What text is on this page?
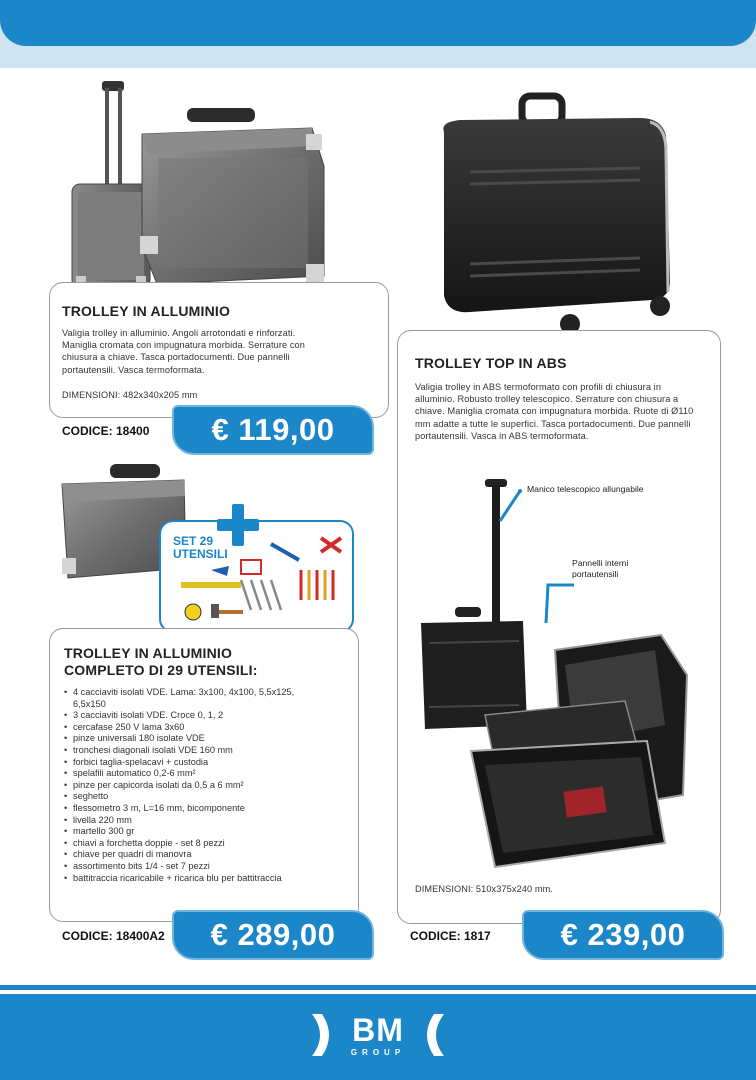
TROLLEY IN ALLUMINIO
Valigia trolley in alluminio. Angoli arrotondati e rinforzati. Maniglia cromata con impugnatura morbida. Serrature con chiusura a chiave. Tasca portadocumenti. Due pannelli portautensili. Vasca termoformata.
DIMENSIONI: 482x340x205 mm
CODICE: 18400	€ 119,00
SET 29
UTENSILI
TROLLEY IN ALLUMINIO
COMPLETO DI 29 UTENSILI:
• 4 cacciaviti isolati VDE. Lama: 3x100, 4x100, 5,5x125, 6,5x150
• 3 cacciaviti isolati VDE. Croce 0, 1, 2
• cercafase 250 V lama 3x60
• pinze universali 180 isolate VDE
• tronchesi diagonali isolati VDE 160 mm
• forbici taglia-spelacavi + custodia
• spelafili automatico 0,2-6 mm²
• pinze per capicorda isolati da 0,5 a 6 mm²
• seghetto
• flessometro 3 m, L=16 mm, bicomponente
• livella 220 mm
• martello 300 gr
• chiavi a forchetta doppie - set 8 pezzi
• chiave per quadri di manovra
• assortimento bits 1/4 - set 7 pezzi
• battitraccia ricaricabile + ricarica blu per battitraccia
CODICE: 18400A2	€ 289,00
TROLLEY TOP IN ABS
Valigia trolley in ABS termoformato con profili di chiusura in alluminio. Robusto trolley telescopico. Serrature con chiusura a chiave. Maniglia cromata con impugnatura morbida. Ruote di Ø110 mm adatte a tutte le superfici. Tasca portadocumenti. Due pannelli portautensili. Vasca in ABS termoformata.
DIMENSIONI: 510x375x240 mm.
Manico telescopico allungabile
Pannelli interni portautensili
CODICE: 1817	€ 239,00
BM
GROUP
